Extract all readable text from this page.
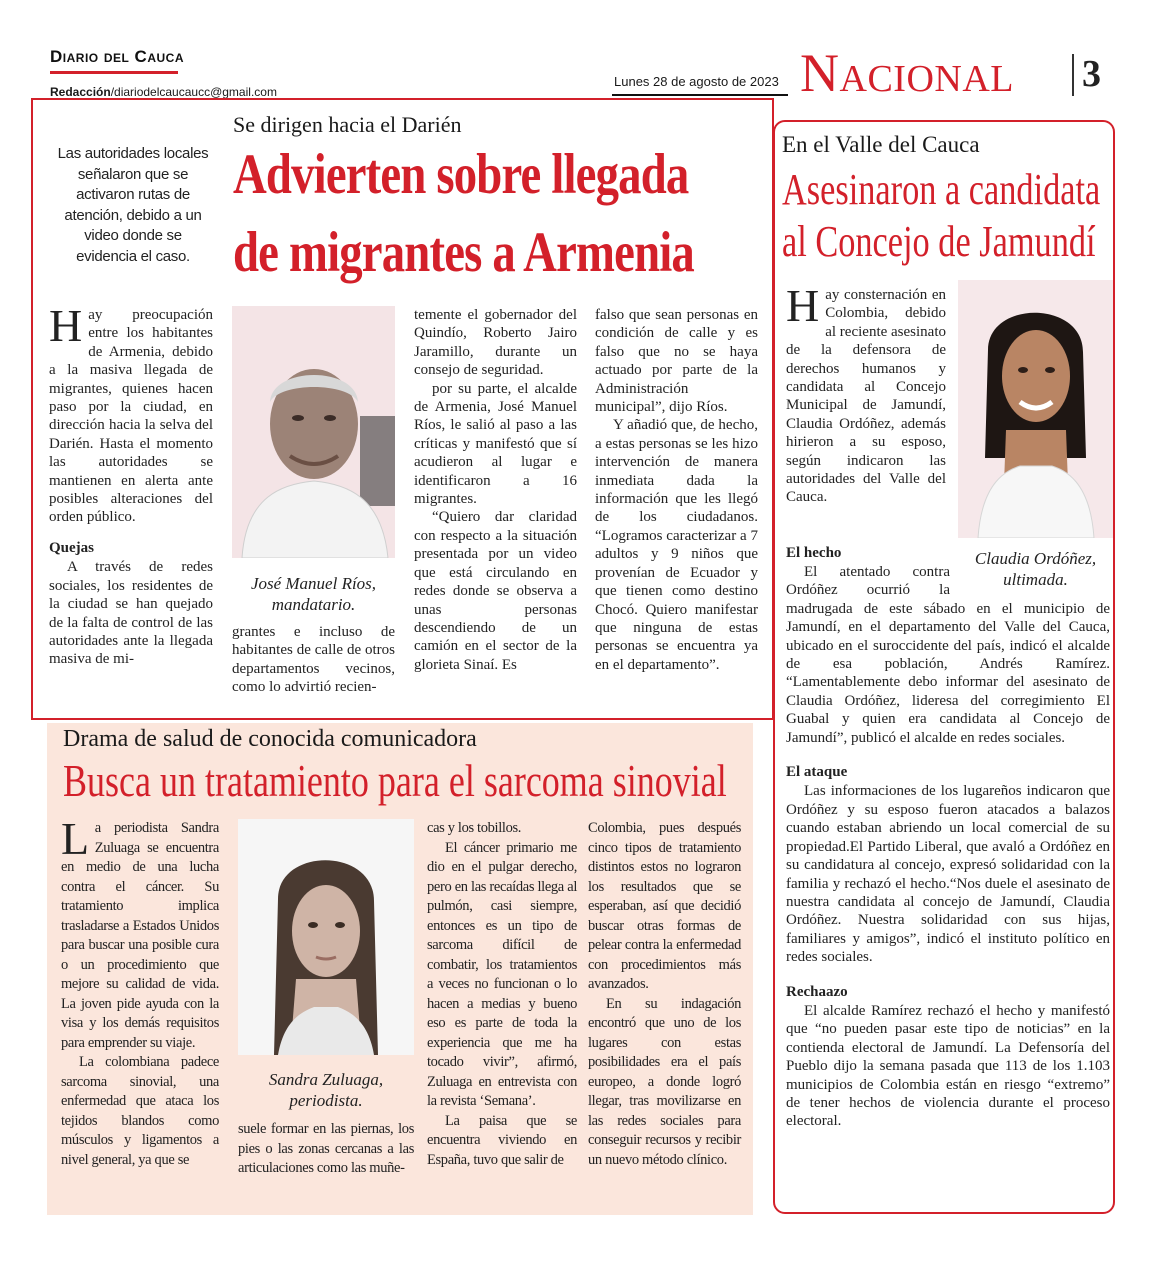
Diario del Cauca
Redacción/diariodelcaucaucc@gmail.com
Lunes 28 de agosto de 2023 Nacional 3
Las autoridades locales señalaron que se activaron rutas de atención, debido a un video donde se evidencia el caso.
Se dirigen hacia el Darién
Advierten sobre llegada
de migrantes a Armenia

Hay preocupación entre los habitantes de Armenia, debido a la masiva llegada de migrantes, quienes hacen paso por la ciudad, en dirección hacia la selva del Darién. Hasta el momento las autoridades se mantienen en alerta ante posibles alteraciones del orden público.

Quejas

A través de redes sociales, los residentes de la ciudad se han quejado de la falta de control de las autoridades ante la llegada masiva de mi-

José Manuel Ríos,
mandatario.
grantes e incluso de habitantes de calle de otros departamentos vecinos, como lo advirtió recien-

temente el gobernador del Quindío, Roberto Jairo Jaramillo, durante un consejo de seguridad.

por su parte, el alcalde de Armenia, José Manuel Ríos, le salió al paso a las críticas y manifestó que sí acudieron al lugar e identificaron a 16 migrantes.

“Quiero dar claridad con respecto a la situación presentada por un video que está circulando en redes donde se observa a unas personas descendiendo de un camión en el sector de la glorieta Sinaí. Es

falso que sean personas en condición de calle y es falso que no se haya actuado por parte de la Administración municipal”, dijo Ríos.

Y añadió que, de hecho, a estas personas se les hizo intervención de manera inmediata dada la información que les llegó de los ciudadanos. “Logramos caracterizar a 7 adultos y 9 niños que provenían de Ecuador y que tienen como destino Chocó. Quiero manifestar que ninguna de estas personas se encuentra ya en el departamento”.

En el Valle del Cauca
Asesinaron a candidata
al Concejo de Jamundí
Hay consternación en Colombia, debido al reciente asesinato de la defensora de derechos humanos y candidata al Concejo Municipal de Jamundí, Claudia Ordóñez, además hirieron a su esposo, según indicaron las autoridades del Valle del Cauca.
Claudia Ordóñez,
ultimada.
El hecho

El atentado contra Ordóñez ocurrió la madrugada de este sábado en el municipio de Jamundí, en el departamento del Valle del Cauca, ubicado en el suroccidente del país, indicó el alcalde de esa población, Andrés Ramírez. “Lamentablemente debo informar del asesinato de Claudia Ordóñez, lideresa del corregimiento El Guabal y quien era candidata al Concejo de Jamundí”, publicó el alcalde en redes sociales.

El ataque

Las informaciones de los lugareños indicaron que Ordóñez y su esposo fueron atacados a balazos cuando estaban abriendo un local comercial de su propiedad.El Partido Liberal, que avaló a Ordóñez en su candidatura al concejo, expresó solidaridad con la familia y rechazó el hecho.“Nos duele el asesinato de nuestra candidata al concejo de Jamundí, Claudia Ordóñez. Nuestra solidaridad con sus hijas, familiares y amigos”, indicó el instituto político en redes sociales.

Rechaazo

El alcalde Ramírez rechazó el hecho y manifestó que “no pueden pasar este tipo de noticias” en la contienda electoral de Jamundí. La Defensoría del Pueblo dijo la semana pasada que 113 de los 1.103 municipios de Colombia están en riesgo “extremo” de tener hechos de violencia durante el proceso electoral.

Drama de salud de conocida comunicadora
Busca un tratamiento para el sarcoma sinovial

La periodista Sandra Zuluaga se encuentra en medio de una lucha contra el cáncer. Su tratamiento implica trasladarse a Estados Unidos para buscar una posible cura o un procedimiento que mejore su calidad de vida. La joven pide ayuda con la visa y los demás requisitos para emprender su viaje.

La colombiana padece sarcoma sinovial, una enfermedad que ataca los tejidos blandos como músculos y ligamentos a nivel general, ya que se

Sandra Zuluaga,
periodista.
suele formar en las piernas, los pies o las zonas cercanas a las articulaciones como las muñe-

cas y los tobillos.

El cáncer primario me dio en el pulgar derecho, pero en las recaídas llega al pulmón, casi siempre, entonces es un tipo de sarcoma difícil de combatir, los tratamientos a veces no funcionan o lo hacen a medias y bueno eso es parte de toda la experiencia que me ha tocado vivir”, afirmó, Zuluaga en entrevista con la revista ‘Semana’.

La paisa que se encuentra viviendo en España, tuvo que salir de

Colombia, pues después cinco tipos de tratamiento distintos estos no lograron los resultados que se esperaban, así que decidió buscar otras formas de pelear contra la enfermedad con procedimientos más avanzados.

En su indagación encontró que uno de los lugares con estas posibilidades era el país europeo, a donde logró llegar, tras movilizarse en las redes sociales para conseguir recursos y recibir un nuevo método clínico.
